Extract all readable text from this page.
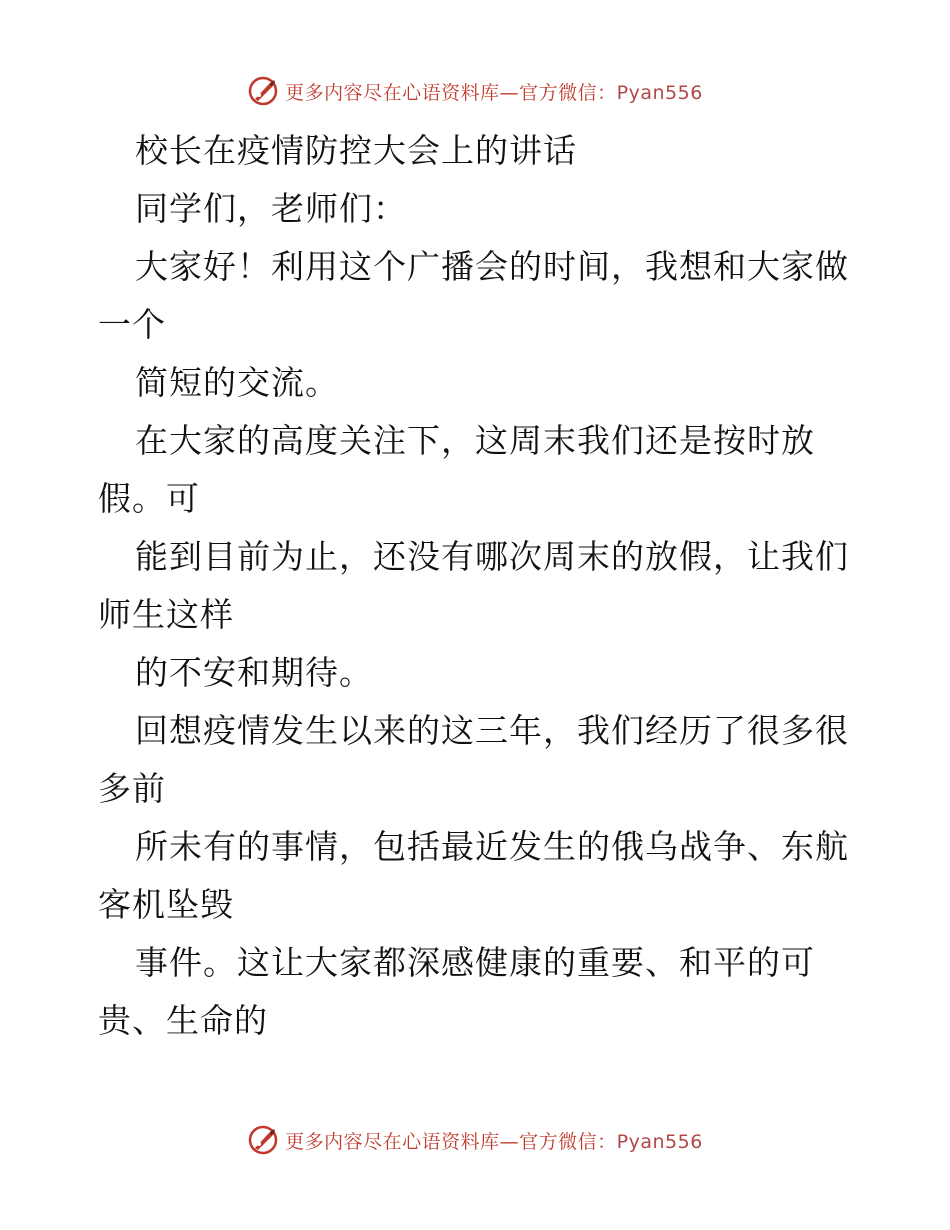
更多内容尽在心语资料库—官方微信：Pyan556
校长在疫情防控大会上的讲话
同学们，老师们：
大家好！利用这个广播会的时间，我想和大家做
一个
简短的交流。
在大家的高度关注下，这周末我们还是按时放
假。可
能到目前为止，还没有哪次周末的放假，让我们
师生这样
的不安和期待。
回想疫情发生以来的这三年，我们经历了很多很
多前
所未有的事情，包括最近发生的俄乌战争、东航
客机坠毁
事件。这让大家都深感健康的重要、和平的可
贵、生命的
更多内容尽在心语资料库—官方微信：Pyan556
